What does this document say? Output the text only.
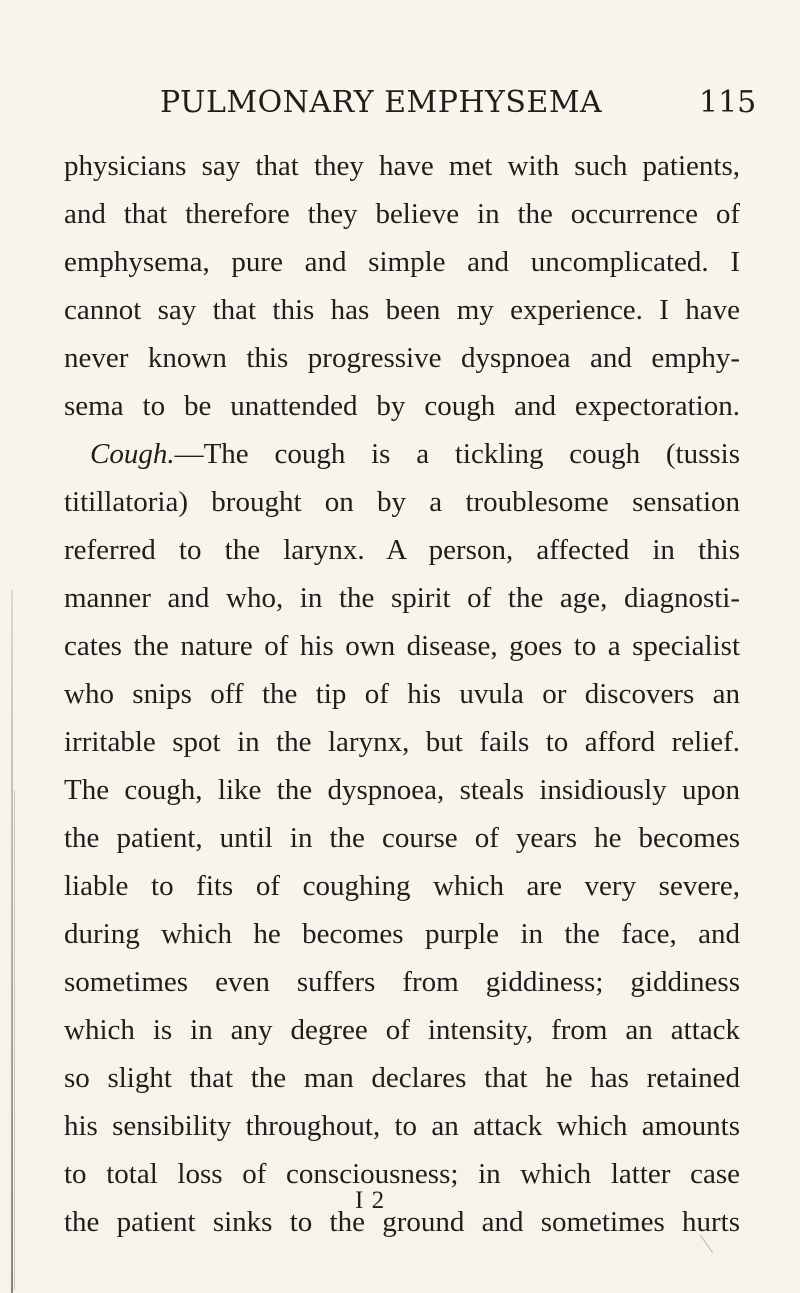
PULMONARY EMPHYSEMA	115
physicians say that they have met with such patients,
and that therefore they believe in the occurrence of
emphysema, pure and simple and uncomplicated. I
cannot say that this has been my experience. I have
never known this progressive dyspnoea and emphy-
sema to be unattended by cough and expectoration.
Cough.—The cough is a tickling cough (tussis
titillatoria) brought on by a troublesome sensation
referred to the larynx. A person, affected in this
manner and who, in the spirit of the age, diagnosti-
cates the nature of his own disease, goes to a specialist
who snips off the tip of his uvula or discovers an
irritable spot in the larynx, but fails to afford relief.
The cough, like the dyspnoea, steals insidiously upon
the patient, until in the course of years he becomes
liable to fits of coughing which are very severe,
during which he becomes purple in the face, and
sometimes even suffers from giddiness; giddiness
which is in any degree of intensity, from an attack
so slight that the man declares that he has retained
his sensibility throughout, to an attack which amounts
to total loss of consciousness; in which latter case
the patient sinks to the ground and sometimes hurts
I 2
